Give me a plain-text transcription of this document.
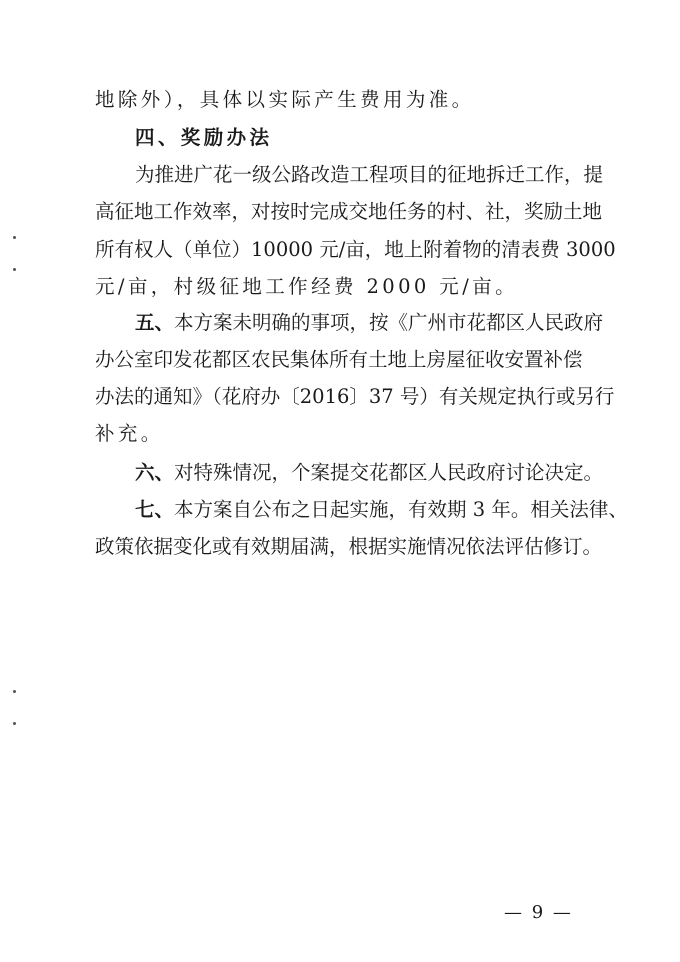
地除外），具体以实际产生费用为准。
四、奖励办法
为推进广花一级公路改造工程项目的征地拆迁工作，提
高征地工作效率，对按时完成交地任务的村、社，奖励土地
所有权人（单位）10000 元/亩，地上附着物的清表费 3000
元/亩，村级征地工作经费 2000 元/亩。
五、 本方案未明确的事项，按《广州市花都区人民政府
办公室印发花都区农民集体所有土地上房屋征收安置补偿
办法的通知》（花府办〔2016〕37 号）有关规定执行或另行
补充。
六、 对特殊情况，个案提交花都区人民政府讨论决定。
七、 本方案自公布之日起实施，有效期 3 年。相关法律、
政策依据变化或有效期届满，根据实施情况依法评估修订。
— 9 —
